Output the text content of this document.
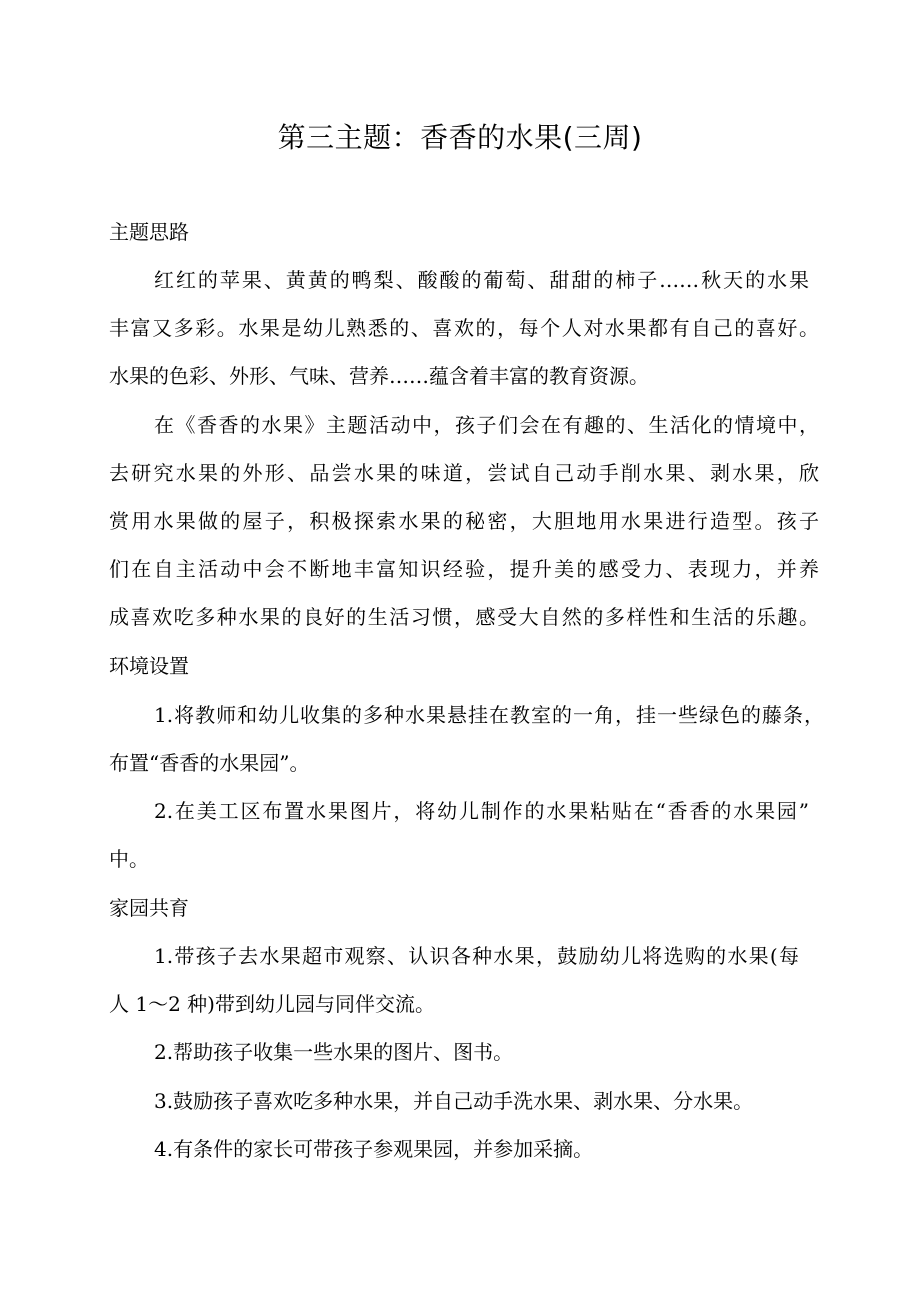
第三主题：香香的水果(三周)
主题思路
红红的苹果、黄黄的鸭梨、酸酸的葡萄、甜甜的柿子……秋天的水果
丰富又多彩。水果是幼儿熟悉的、喜欢的，每个人对水果都有自己的喜好。
水果的色彩、外形、气味、营养……蕴含着丰富的教育资源。
在《香香的水果》主题活动中，孩子们会在有趣的、生活化的情境中，
去研究水果的外形、品尝水果的味道，尝试自己动手削水果、剥水果，欣
赏用水果做的屋子，积极探索水果的秘密，大胆地用水果进行造型。孩子
们在自主活动中会不断地丰富知识经验，提升美的感受力、表现力，并养
成喜欢吃多种水果的良好的生活习惯，感受大自然的多样性和生活的乐趣。
环境设置
1.将教师和幼儿收集的多种水果悬挂在教室的一角，挂一些绿色的藤条，
布置“香香的水果园”。
2.在美工区布置水果图片，将幼儿制作的水果粘贴在“香香的水果园”
中。
家园共育
1.带孩子去水果超市观察、认识各种水果，鼓励幼儿将选购的水果(每
人 1～2 种)带到幼儿园与同伴交流。
2.帮助孩子收集一些水果的图片、图书。
3.鼓励孩子喜欢吃多种水果，并自己动手洗水果、剥水果、分水果。
4.有条件的家长可带孩子参观果园，并参加采摘。
